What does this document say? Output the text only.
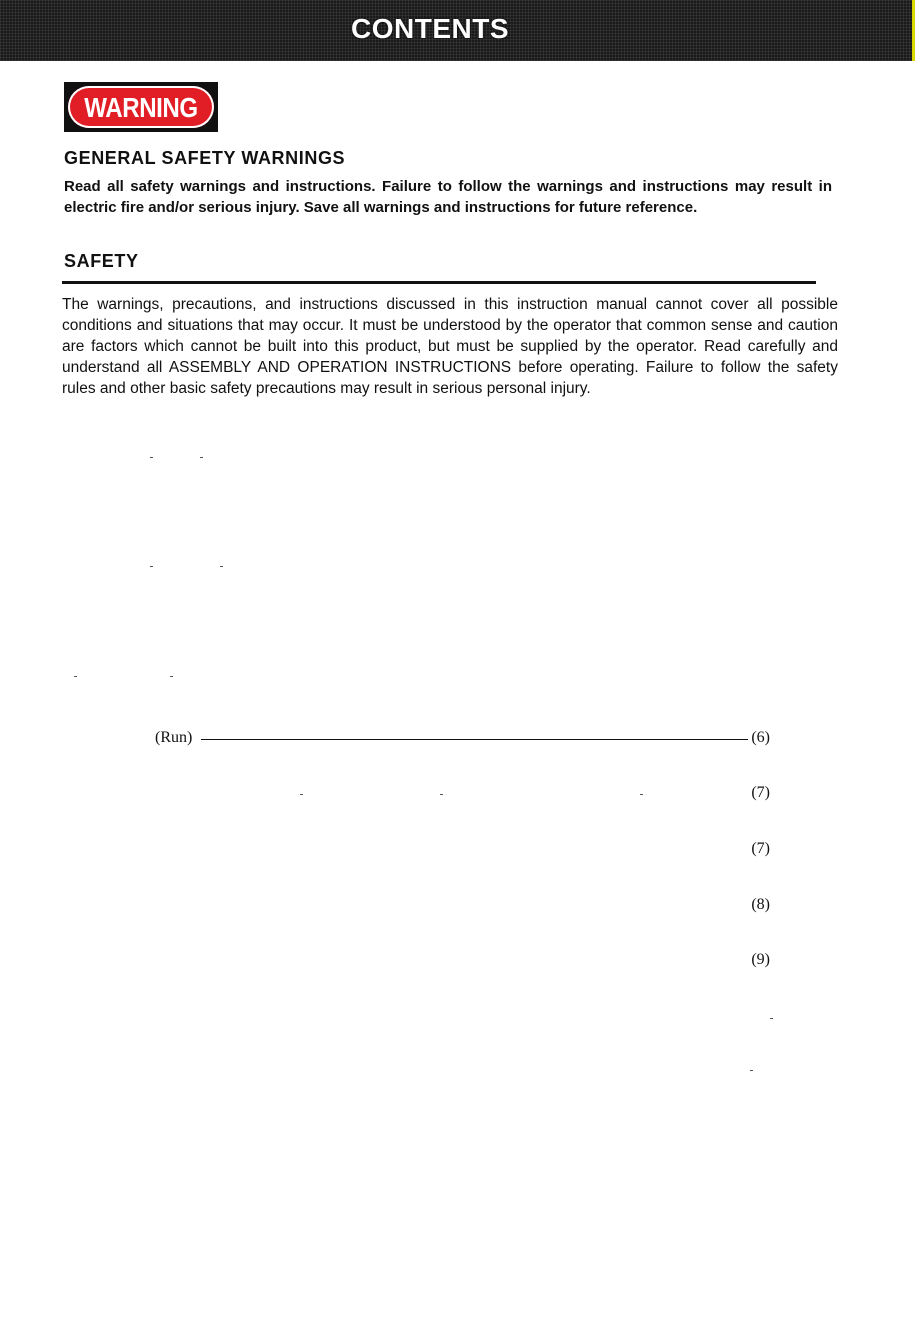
CONTENTS
WARNING
GENERAL SAFETY WARNINGS
Read all safety warnings and instructions. Failure to follow the warnings and instructions may result in electric fire and/or serious injury. Save all warnings and instructions for future reference.
SAFETY
The warnings, precautions, and instructions discussed in this instruction manual cannot cover all possible conditions and situations that may occur. It must be understood by the operator that common sense and caution are factors which cannot be built into this product, but must be supplied by the operator. Read carefully and understand all ASSEMBLY AND OPERATION INSTRUCTIONS before operating. Failure to follow the safety rules and other basic safety precautions may result in serious personal injury.
(Run)	(6)
(7)
(7)
(8)
(9)
